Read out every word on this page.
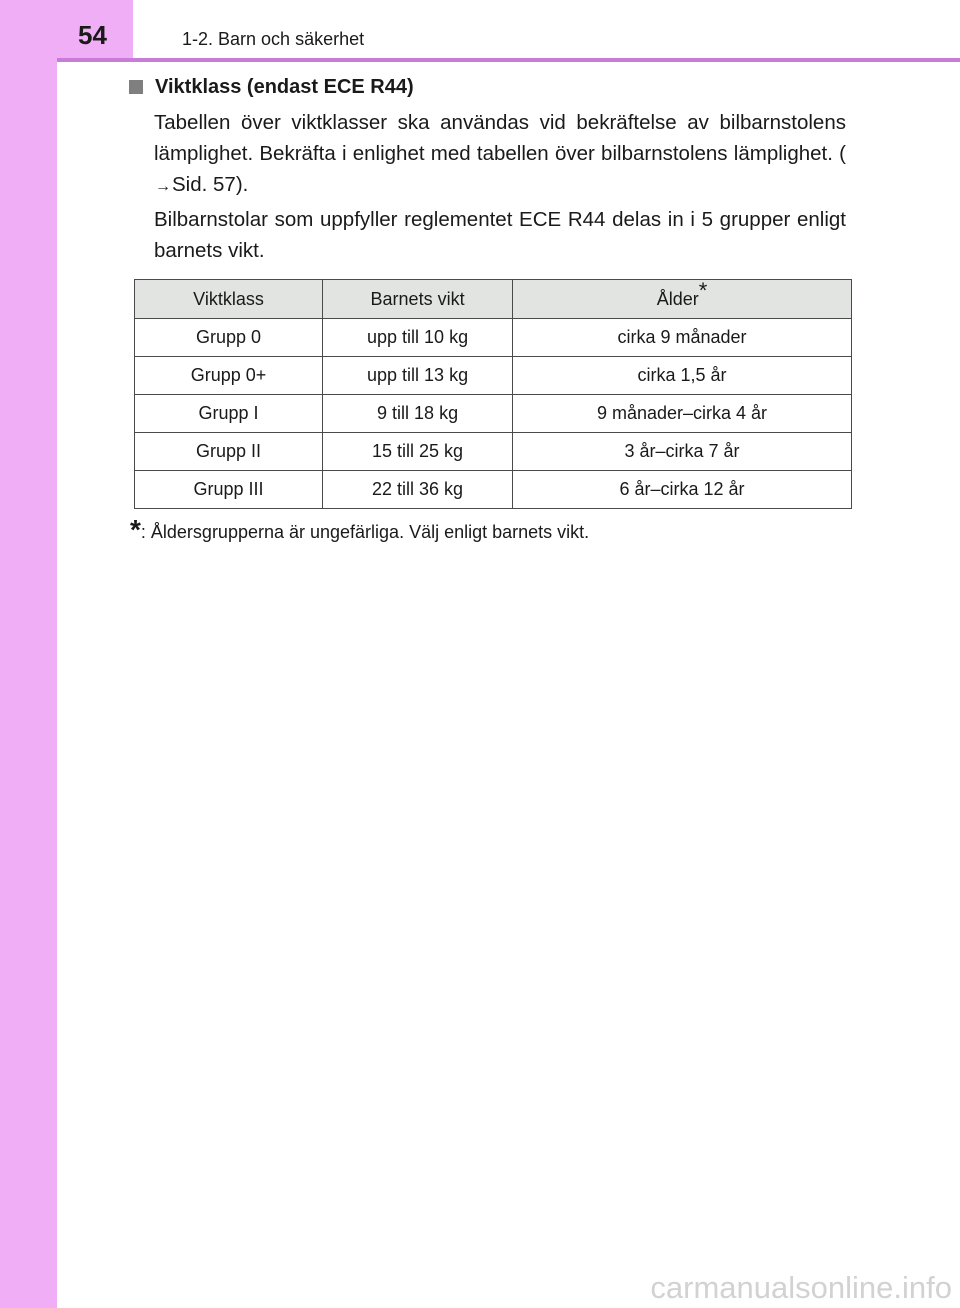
54	1-2. Barn och säkerhet
Viktklass (endast ECE R44)
Tabellen över viktklasser ska användas vid bekräftelse av bilbarnstolens lämplighet. Bekräfta i enlighet med tabellen över bilbarnstolens lämplighet. (→Sid. 57).
Bilbarnstolar som uppfyller reglementet ECE R44 delas in i 5 grupper enligt barnets vikt.
Viktklass	Barnets vikt	Ålder*
Grupp 0	upp till 10 kg	cirka 9 månader
Grupp 0+	upp till 13 kg	cirka 1,5 år
Grupp I	9 till 18 kg	9 månader–cirka 4 år
Grupp II	15 till 25 kg	3 år–cirka 7 år
Grupp III	22 till 36 kg	6 år–cirka 12 år
*: Åldersgrupperna är ungefärliga. Välj enligt barnets vikt.
carmanualsonline.info
